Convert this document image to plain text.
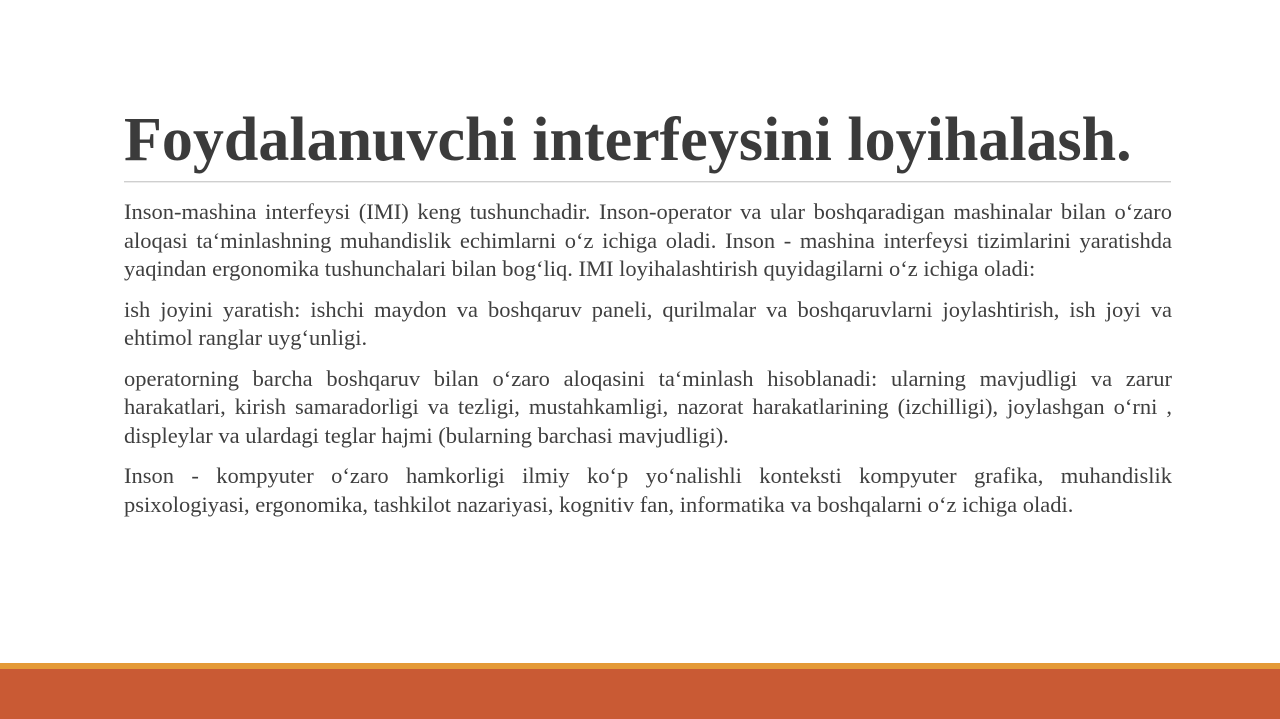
Foydalanuvchi interfeysini loyihalash.

Inson-mashina interfeysi (IMI) keng tushunchadir. Inson-operator va ular boshqaradigan mashinalar bilan o‘zaro aloqasi ta‘minlashning muhandislik echimlarni o‘z ichiga oladi. Inson - mashina interfeysi tizimlarini yaratishda yaqindan ergonomika tushunchalari bilan bog‘liq. IMI loyihalashtirish quyidagilarni o‘z ichiga oladi:

ish joyini yaratish: ishchi maydon va boshqaruv paneli, qurilmalar va boshqaruvlarni joylashtirish, ish joyi va ehtimol ranglar uyg‘unligi.

operatorning barcha boshqaruv bilan o‘zaro aloqasini ta‘minlash hisoblanadi: ularning mavjudligi va zarur harakatlari, kirish samaradorligi va tezligi, mustahkamligi, nazorat harakatlarining (izchilligi), joylashgan o‘rni , displeylar va ulardagi teglar hajmi (bularning barchasi mavjudligi).

Inson - kompyuter o‘zaro hamkorligi ilmiy ko‘p yo‘nalishli konteksti kompyuter grafika, muhandislik psixologiyasi, ergonomika, tashkilot nazariyasi, kognitiv fan, informatika va boshqalarni o‘z ichiga oladi.
